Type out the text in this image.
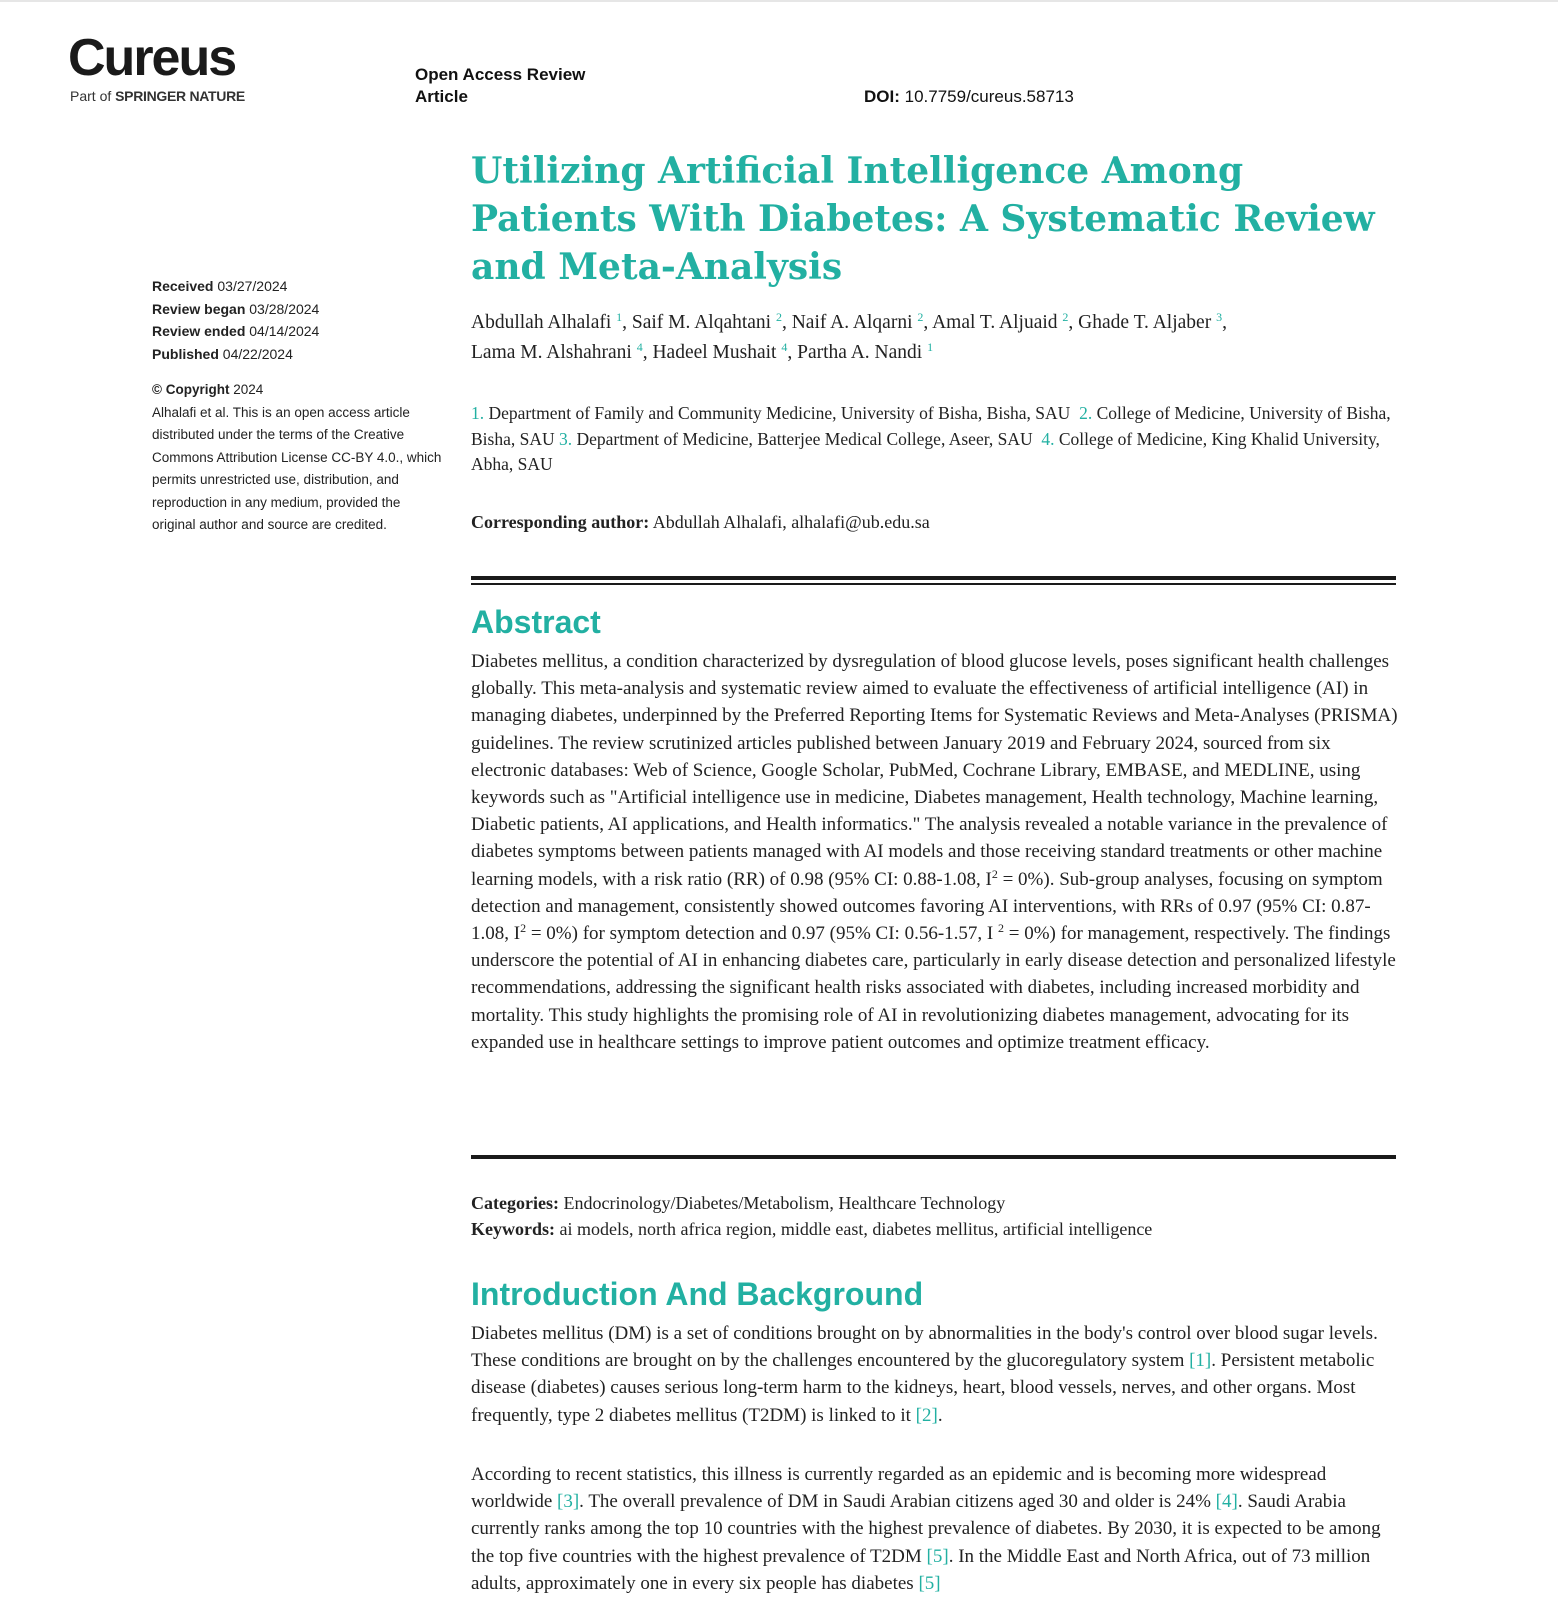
Cureus
Part of SPRINGER NATURE
Open Access Review Article	DOI: 10.7759/cureus.58713
Utilizing Artificial Intelligence Among Patients With Diabetes: A Systematic Review and Meta-Analysis
Received 03/27/2024
Review began 03/28/2024
Review ended 04/14/2024
Published 04/22/2024
© Copyright 2024
Alhalafi et al. This is an open access article distributed under the terms of the Creative Commons Attribution License CC-BY 4.0., which permits unrestricted use, distribution, and reproduction in any medium, provided the original author and source are credited.
Abdullah Alhalafi $^1$, Saif M. Alqahtani $^2$, Naif A. Alqarni $^2$, Amal T. Aljuaid $^2$, Ghade T. Aljaber $^3$,
Lama M. Alshahrani $^4$, Hadeel Mushait $^4$, Partha A. Nandi $^1$
1. Department of Family and Community Medicine, University of Bisha, Bisha, SAU 2. College of Medicine, University of Bisha, Bisha, SAU 3. Department of Medicine, Batterjee Medical College, Aseer, SAU 4. College of Medicine, King Khalid University, Abha, SAU
Corresponding author: Abdullah Alhalafi, alhalafi@ub.edu.sa
Abstract

Diabetes mellitus, a condition characterized by dysregulation of blood glucose levels, poses significant health challenges globally. This meta-analysis and systematic review aimed to evaluate the effectiveness of artificial intelligence (AI) in managing diabetes, underpinned by the Preferred Reporting Items for Systematic Reviews and Meta-Analyses (PRISMA) guidelines. The review scrutinized articles published between January 2019 and February 2024, sourced from six electronic databases: Web of Science, Google Scholar, PubMed, Cochrane Library, EMBASE, and MEDLINE, using keywords such as "Artificial intelligence use in medicine, Diabetes management, Health technology, Machine learning, Diabetic patients, AI applications, and Health informatics." The analysis revealed a notable variance in the prevalence of diabetes symptoms between patients managed with AI models and those receiving standard treatments or other machine learning models, with a risk ratio (RR) of 0.98 (95% CI: 0.88-1.08, $I^2 = 0\%$). Sub-group analyses, focusing on symptom detection and management, consistently showed outcomes favoring AI interventions, with RRs of 0.97 (95% CI: 0.87-1.08, $I^2 = 0\%$) for symptom detection and 0.97 (95% CI: 0.56-1.57, I $^2$ = 0%) for management, respectively. The findings underscore the potential of AI in enhancing diabetes care, particularly in early disease detection and personalized lifestyle recommendations, addressing the significant health risks associated with diabetes, including increased morbidity and mortality. This study highlights the promising role of AI in revolutionizing diabetes management, advocating for its expanded use in healthcare settings to improve patient outcomes and optimize treatment efficacy.

Categories: Endocrinology/Diabetes/Metabolism, Healthcare Technology
Keywords: ai models, north africa region, middle east, diabetes mellitus, artificial intelligence
Introduction And Background

Diabetes mellitus (DM) is a set of conditions brought on by abnormalities in the body's control over blood sugar levels. These conditions are brought on by the challenges encountered by the glucoregulatory system [1]. Persistent metabolic disease (diabetes) causes serious long-term harm to the kidneys, heart, blood vessels, nerves, and other organs. Most frequently, type 2 diabetes mellitus (T2DM) is linked to it [2].

According to recent statistics, this illness is currently regarded as an epidemic and is becoming more widespread worldwide [3]. The overall prevalence of DM in Saudi Arabian citizens aged 30 and older is 24% [4]. Saudi Arabia currently ranks among the top 10 countries with the highest prevalence of diabetes. By 2030, it is expected to be among the top five countries with the highest prevalence of T2DM [5]. In the Middle East and North Africa, out of 73 million adults, approximately one in every six people has diabetes [5]
